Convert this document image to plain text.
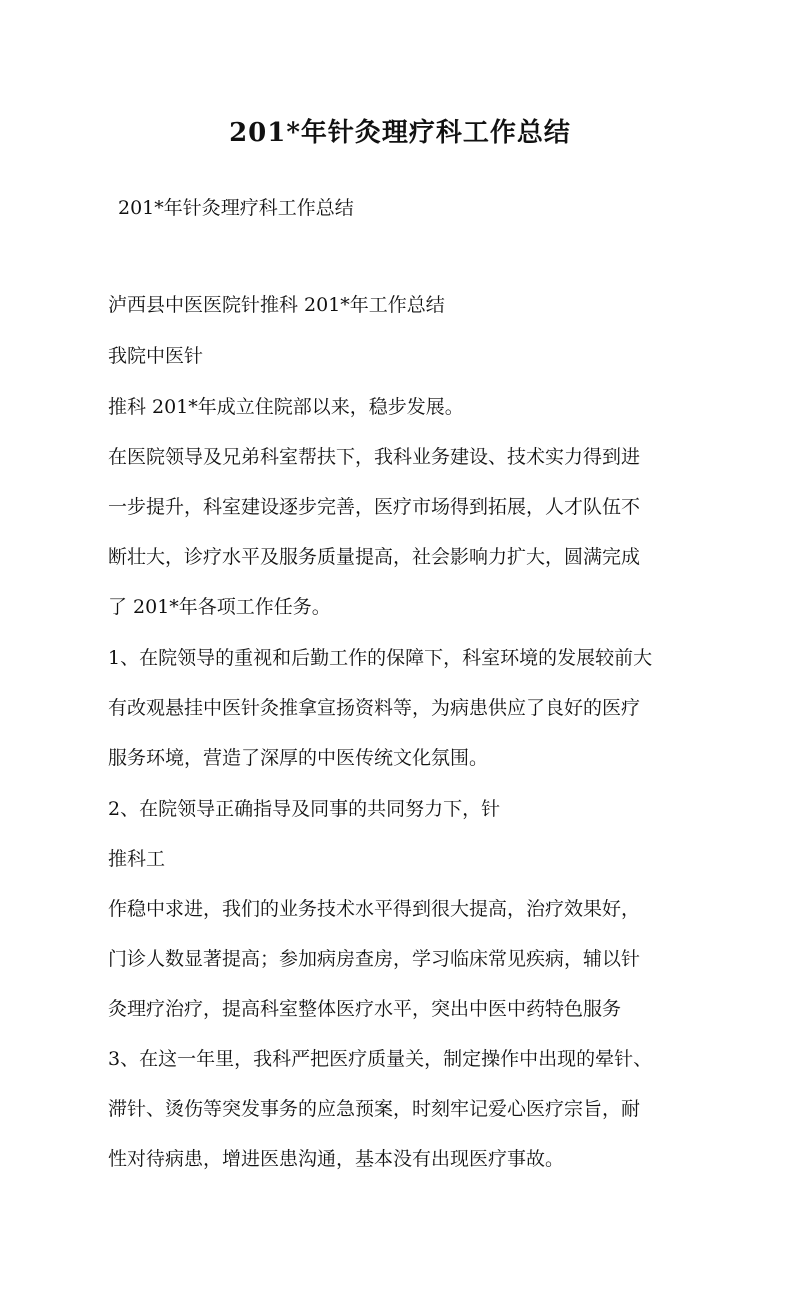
201*年针灸理疗科工作总结

201*年针灸理疗科工作总结

泸西县中医医院针推科 201*年工作总结

我院中医针

推科 201*年成立住院部以来，稳步发展。

在医院领导及兄弟科室帮扶下，我科业务建设、技术实力得到进

一步提升，科室建设逐步完善，医疗市场得到拓展，人才队伍不

断壮大，诊疗水平及服务质量提高，社会影响力扩大，圆满完成

了 201*年各项工作任务。

1、在院领导的重视和后勤工作的保障下，科室环境的发展较前大

有改观悬挂中医针灸推拿宣扬资料等，为病患供应了良好的医疗

服务环境，营造了深厚的中医传统文化氛围。

2、在院领导正确指导及同事的共同努力下，针

推科工

作稳中求进，我们的业务技术水平得到很大提高，治疗效果好，

门诊人数显著提高；参加病房查房，学习临床常见疾病，辅以针

灸理疗治疗，提高科室整体医疗水平，突出中医中药特色服务

3、在这一年里，我科严把医疗质量关，制定操作中出现的晕针、

滞针、烫伤等突发事务的应急预案，时刻牢记爱心医疗宗旨，耐

性对待病患，增进医患沟通，基本没有出现医疗事故。
